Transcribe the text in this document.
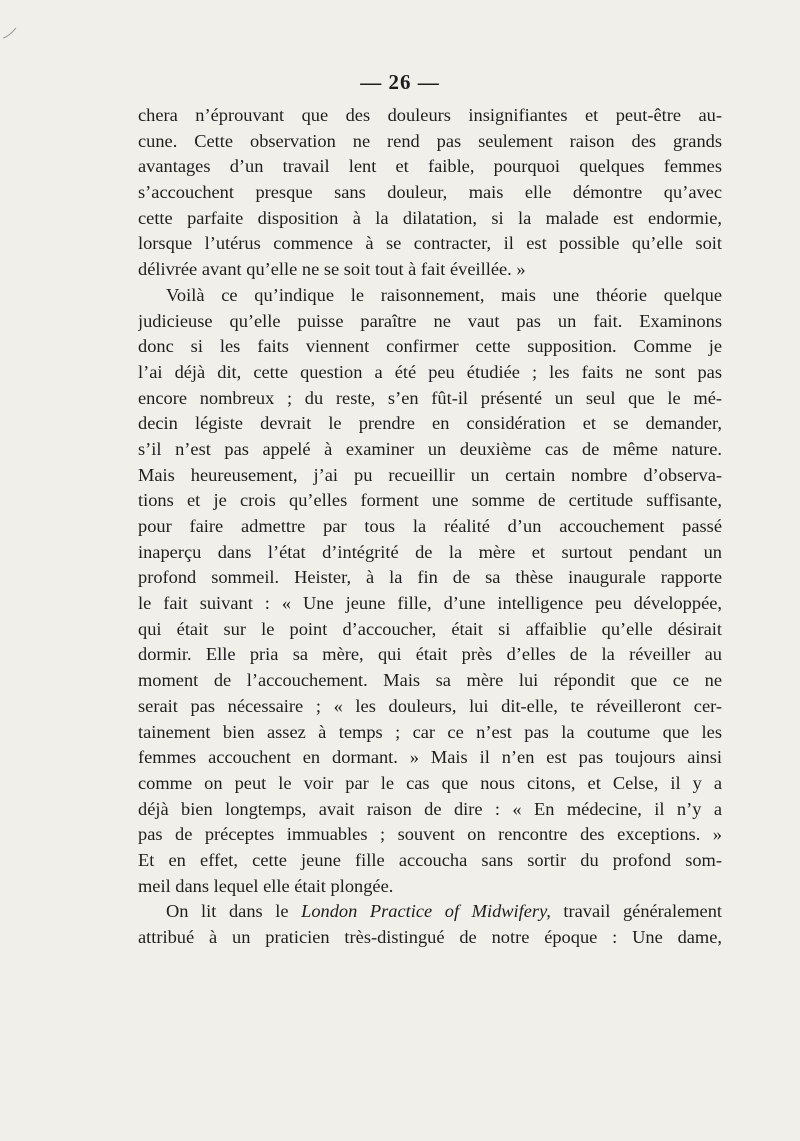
— 26 —
chera n’éprouvant que des douleurs insignifiantes et peut-être au-
cune. Cette observation ne rend pas seulement raison des grands
avantages d’un travail lent et faible, pourquoi quelques femmes
s’accouchent presque sans douleur, mais elle démontre qu’avec
cette parfaite disposition à la dilatation, si la malade est endormie,
lorsque l’utérus commence à se contracter, il est possible qu’elle soit
délivrée avant qu’elle ne se soit tout à fait éveillée. »
Voilà ce qu’indique le raisonnement, mais une théorie quelque
judicieuse qu’elle puisse paraître ne vaut pas un fait. Examinons
donc si les faits viennent confirmer cette supposition. Comme je
l’ai déjà dit, cette question a été peu étudiée ; les faits ne sont pas
encore nombreux ; du reste, s’en fût-il présenté un seul que le mé-
decin légiste devrait le prendre en considération et se demander,
s’il n’est pas appelé à examiner un deuxième cas de même nature.
Mais heureusement, j’ai pu recueillir un certain nombre d’observa-
tions et je crois qu’elles forment une somme de certitude suffisante,
pour faire admettre par tous la réalité d’un accouchement passé
inaperçu dans l’état d’intégrité de la mère et surtout pendant un
profond sommeil. Heister, à la fin de sa thèse inaugurale rapporte
le fait suivant : « Une jeune fille, d’une intelligence peu développée,
qui était sur le point d’accoucher, était si affaiblie qu’elle désirait
dormir. Elle pria sa mère, qui était près d’elles de la réveiller au
moment de l’accouchement. Mais sa mère lui répondit que ce ne
serait pas nécessaire ; « les douleurs, lui dit-elle, te réveilleront cer-
tainement bien assez à temps ; car ce n’est pas la coutume que les
femmes accouchent en dormant. » Mais il n’en est pas toujours ainsi
comme on peut le voir par le cas que nous citons, et Celse, il y a
déjà bien longtemps, avait raison de dire : « En médecine, il n’y a
pas de préceptes immuables ; souvent on rencontre des exceptions. »
Et en effet, cette jeune fille accoucha sans sortir du profond som-
meil dans lequel elle était plongée.
On lit dans le London Practice of Midwifery, travail généralement
attribué à un praticien très-distingué de notre époque : Une dame,
